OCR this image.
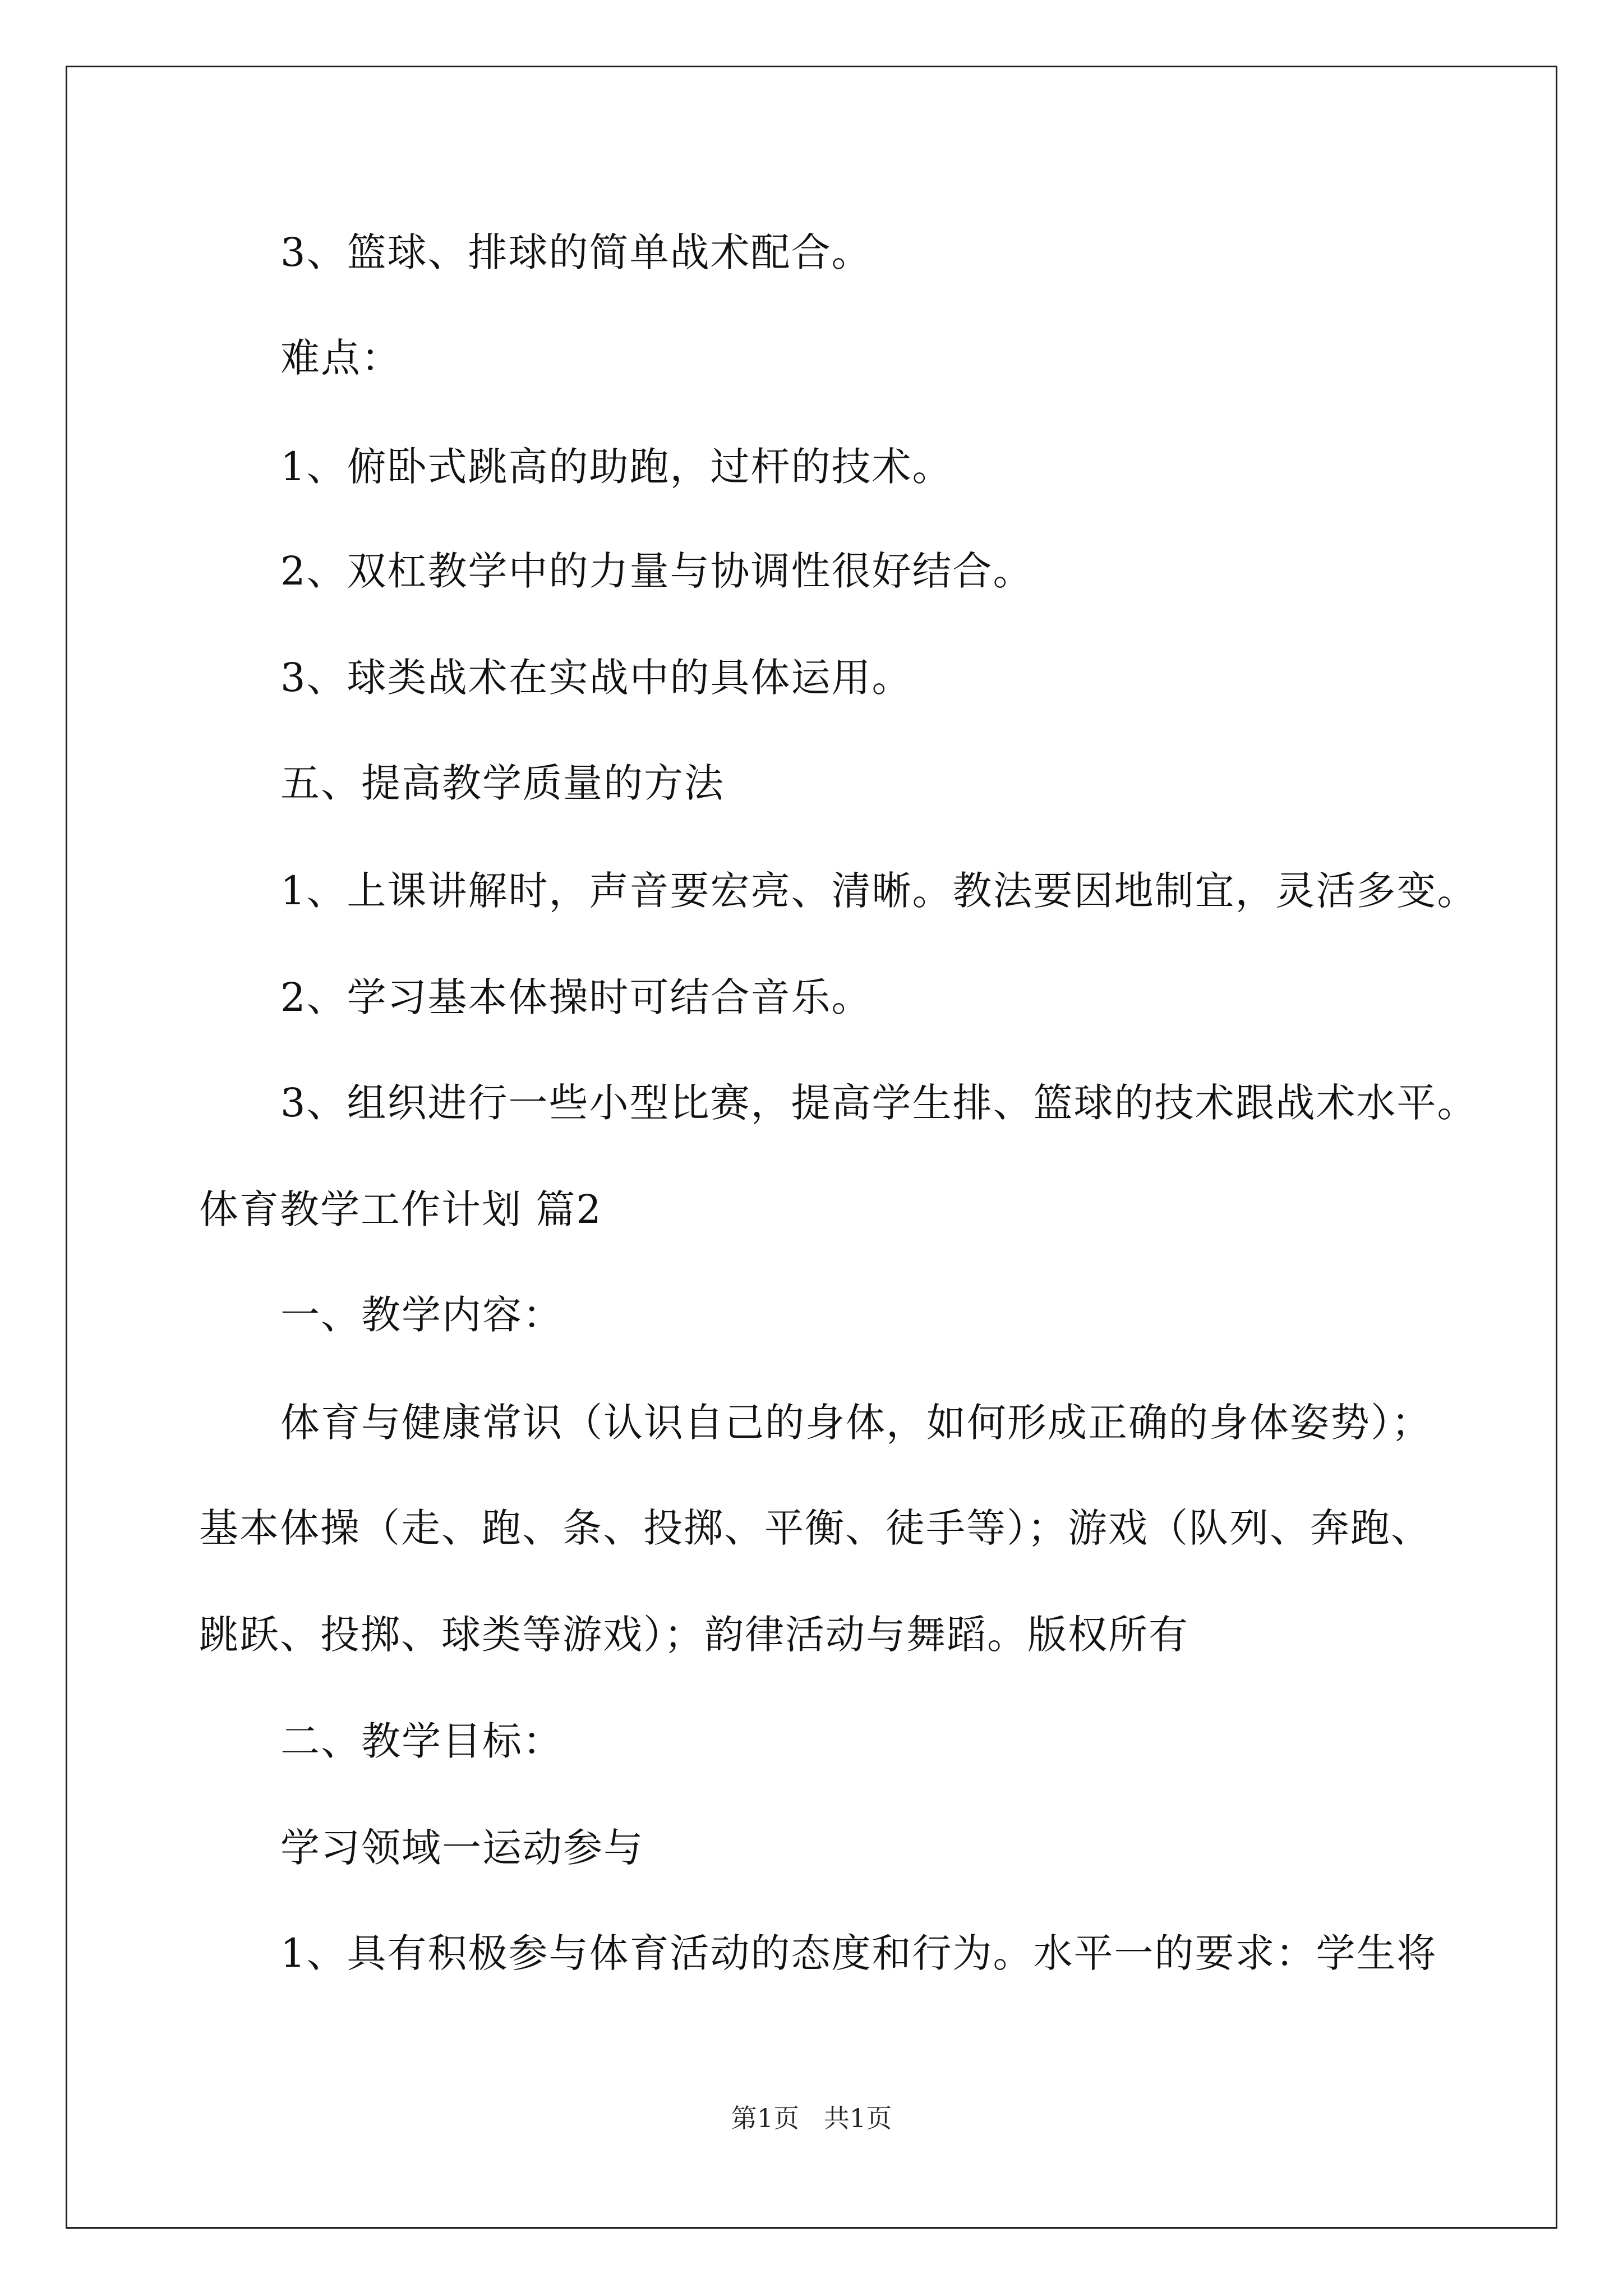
3、篮球、排球的简单战术配合。
难点：
1、俯卧式跳高的助跑，过杆的技术。
2、双杠教学中的力量与协调性很好结合。
3、球类战术在实战中的具体运用。
五、提高教学质量的方法
1、上课讲解时，声音要宏亮、清晰。教法要因地制宜，灵活多变。
2、学习基本体操时可结合音乐。
3、组织进行一些小型比赛，提高学生排、篮球的技术跟战术水平。
体育教学工作计划 篇2
一、教学内容：
体育与健康常识（认识自己的身体，如何形成正确的身体姿势）；
基本体操（走、跑、条、投掷、平衡、徒手等）；游戏（队列、奔跑、
跳跃、投掷、球类等游戏）；韵律活动与舞蹈。版权所有
二、教学目标：
学习领域一运动参与
1、具有积极参与体育活动的态度和行为。水平一的要求：学生将
第1页   共1页
